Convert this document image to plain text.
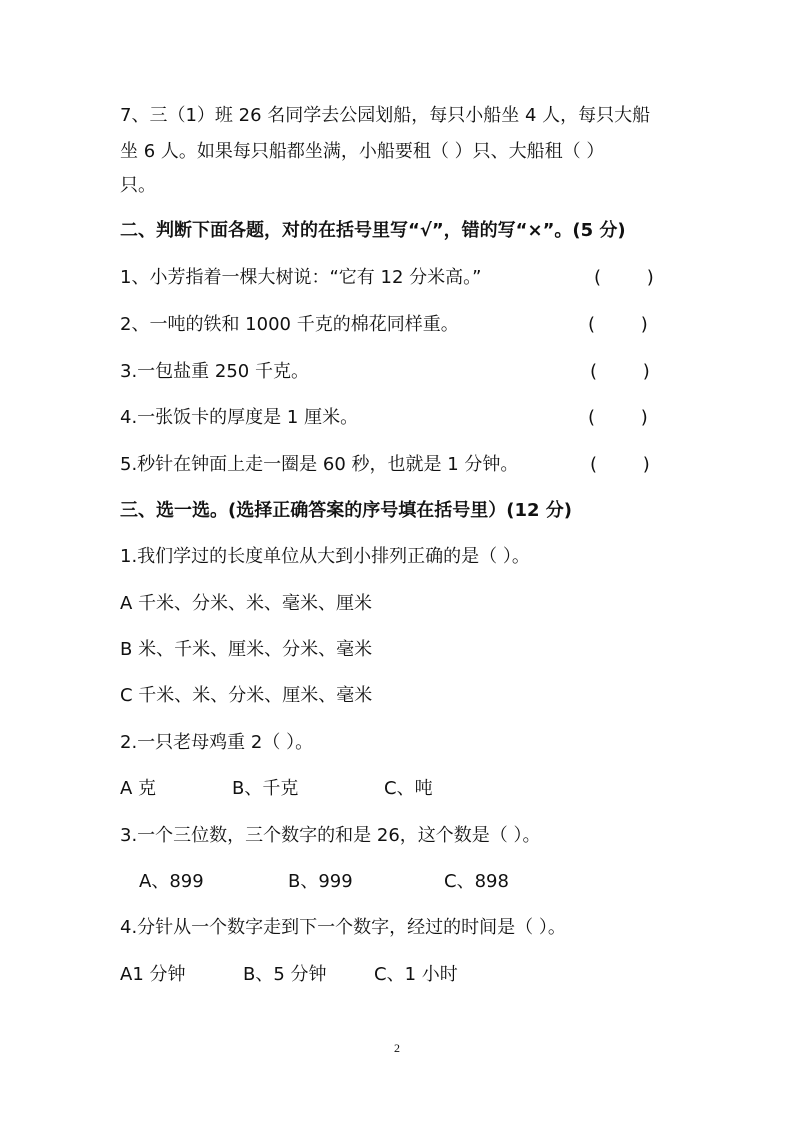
7、三（1）班 26 名同学去公园划船，每只小船坐 4 人，每只大船
坐 6 人。如果每只船都坐满，小船要租（ ）只、大船租（ ）
只。
二、判断下面各题，对的在括号里写“√”，错的写“×”。(5 分)
1、小芳指着一棵大树说：“它有 12 分米高。”	(        )
2、一吨的铁和 1000 千克的棉花同样重。	(        )
3.一包盐重 250 千克。	(        )
4.一张饭卡的厚度是 1 厘米。	(        )
5.秒针在钟面上走一圈是 60 秒，也就是 1 分钟。	(        )
三、选一选。(选择正确答案的序号填在括号里）(12 分)
1.我们学过的长度单位从大到小排列正确的是（ ）。
A 千米、分米、米、毫米、厘米
B 米、千米、厘米、分米、毫米
C 千米、米、分米、厘米、毫米
2.一只老母鸡重 2（ ）。
A 克	B、千克	C、吨
3.一个三位数，三个数字的和是 26，这个数是（ ）。
A、899	B、999	C、898
4.分针从一个数字走到下一个数字，经过的时间是（ ）。
A1 分钟	B、5 分钟	C、1 小时
2
